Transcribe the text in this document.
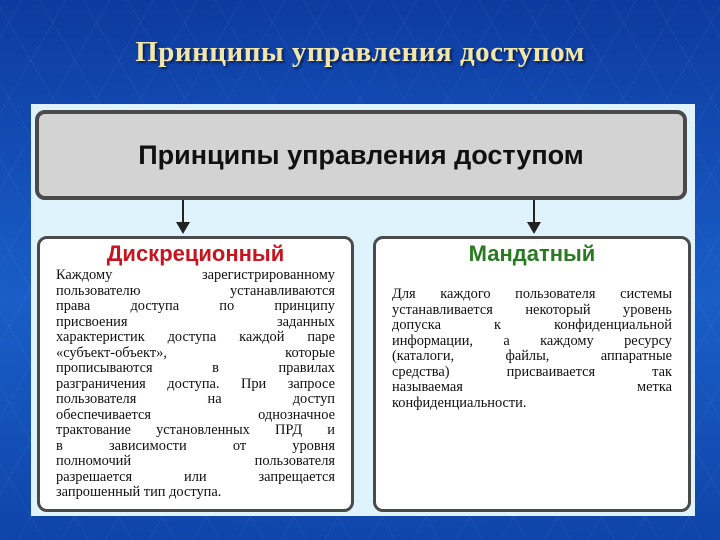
Принципы управления доступом
Принципы управления доступом
Дискреционный
Каждому зарегистрированному
пользователю устанавливаются
права доступа по принципу
присвоения заданных
характеристик доступа каждой паре
«субъект-объект», которые
прописываются в правилах
разграничения доступа. При запросе
пользователя на доступ
обеспечивается однозначное
трактование установленных ПРД и
в зависимости от уровня
полномочий пользователя
разрешается или запрещается
запрошенный тип доступа.
Мандатный
Для каждого пользователя системы
устанавливается некоторый уровень
допуска к конфиденциальной
информации, а каждому ресурсу
(каталоги, файлы, аппаратные
средства) присваивается так
называемая метка
конфиденциальности.
